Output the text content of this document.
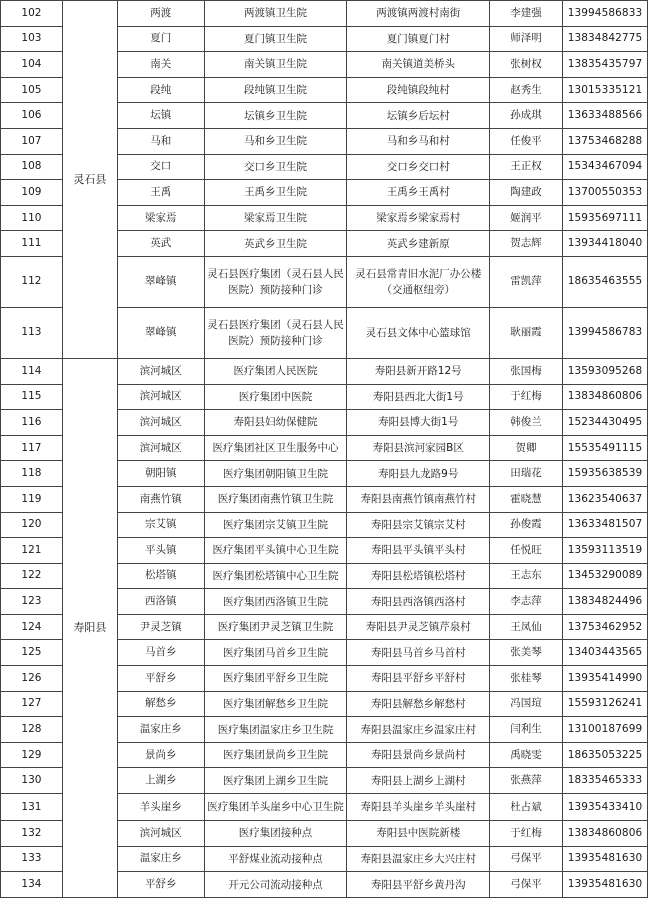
102	灵石县	两渡	两渡镇卫生院	两渡镇两渡村南街	李建强	13994586833
103		夏门	夏门镇卫生院	夏门镇夏门村	师泽明	13834842775
104		南关	南关镇卫生院	南关镇道美桥头	张树权	13835435797
105		段纯	段纯镇卫生院	段纯镇段纯村	赵秀生	13015335121
106		坛镇	坛镇乡卫生院	坛镇乡后坛村	孙成琪	13633488566
107		马和	马和乡卫生院	马和乡马和村	任俊平	13753468288
108		交口	交口乡卫生院	交口乡交口村	王正权	15343467094
109		王禹	王禹乡卫生院	王禹乡王禹村	陶建政	13700550353
110		梁家焉	梁家焉卫生院	梁家焉乡梁家焉村	姬润平	15935697111
111		英武	英武乡卫生院	英武乡建新原	贺志辉	13934418040
112		翠峰镇	灵石县医疗集团（灵石县人民医院）预防接种门诊	灵石县常青旧水泥厂办公楼（交通枢纽旁）	雷凯萍	18635463555
113		翠峰镇	灵石县医疗集团（灵石县人民医院）预防接种门诊	灵石县文体中心篮球馆	耿丽霞	13994586783
114	寿阳县	滨河城区	医疗集团人民医院	寿阳县新开路12号	张国梅	13593095268
115		滨河城区	医疗集团中医院	寿阳县西北大街1号	于红梅	13834860806
116		滨河城区	寿阳县妇幼保健院	寿阳县博大街1号	韩俊兰	15234430495
117		滨河城区	医疗集团社区卫生服务中心	寿阳县滨河家园B区	贺卿	15535491115
118		朝阳镇	医疗集团朝阳镇卫生院	寿阳县九龙路9号	田瑞花	15935638539
119		南燕竹镇	医疗集团南燕竹镇卫生院	寿阳县南燕竹镇南燕竹村	霍晓慧	13623540637
120		宗艾镇	医疗集团宗艾镇卫生院	寿阳县宗艾镇宗艾村	孙俊霞	13633481507
121		平头镇	医疗集团平头镇中心卫生院	寿阳县平头镇平头村	任悦旺	13593113519
122		松塔镇	医疗集团松塔镇中心卫生院	寿阳县松塔镇松塔村	王志东	13453290089
123		西洛镇	医疗集团西洛镇卫生院	寿阳县西洛镇西洛村	李志萍	13834824496
124		尹灵芝镇	医疗集团尹灵芝镇卫生院	寿阳县尹灵芝镇芹泉村	王凤仙	13753462952
125		马首乡	医疗集团马首乡卫生院	寿阳县马首乡马首村	张美琴	13403443565
126		平舒乡	医疗集团平舒乡卫生院	寿阳县平舒乡平舒村	张桂琴	13935414990
127		解愁乡	医疗集团解愁乡卫生院	寿阳县解愁乡解愁村	冯国瑄	15593126241
128		温家庄乡	医疗集团温家庄乡卫生院	寿阳县温家庄乡温家庄村	闫利生	13100187699
129		景尚乡	医疗集团景尚乡卫生院	寿阳县景尚乡景尚村	禹晓雯	18635053225
130		上湖乡	医疗集团上湖乡卫生院	寿阳县上湖乡上湖村	张燕萍	18335465333
131		羊头崖乡	医疗集团羊头崖乡中心卫生院	寿阳县羊头崖乡羊头崖村	杜占斌	13935433410
132		滨河城区	医疗集团接种点	寿阳县中医院新楼	于红梅	13834860806
133		温家庄乡	平舒煤业流动接种点	寿阳县温家庄乡大兴庄村	弓保平	13935481630
134		平舒乡	开元公司流动接种点	寿阳县平舒乡黄丹沟	弓保平	13935481630
